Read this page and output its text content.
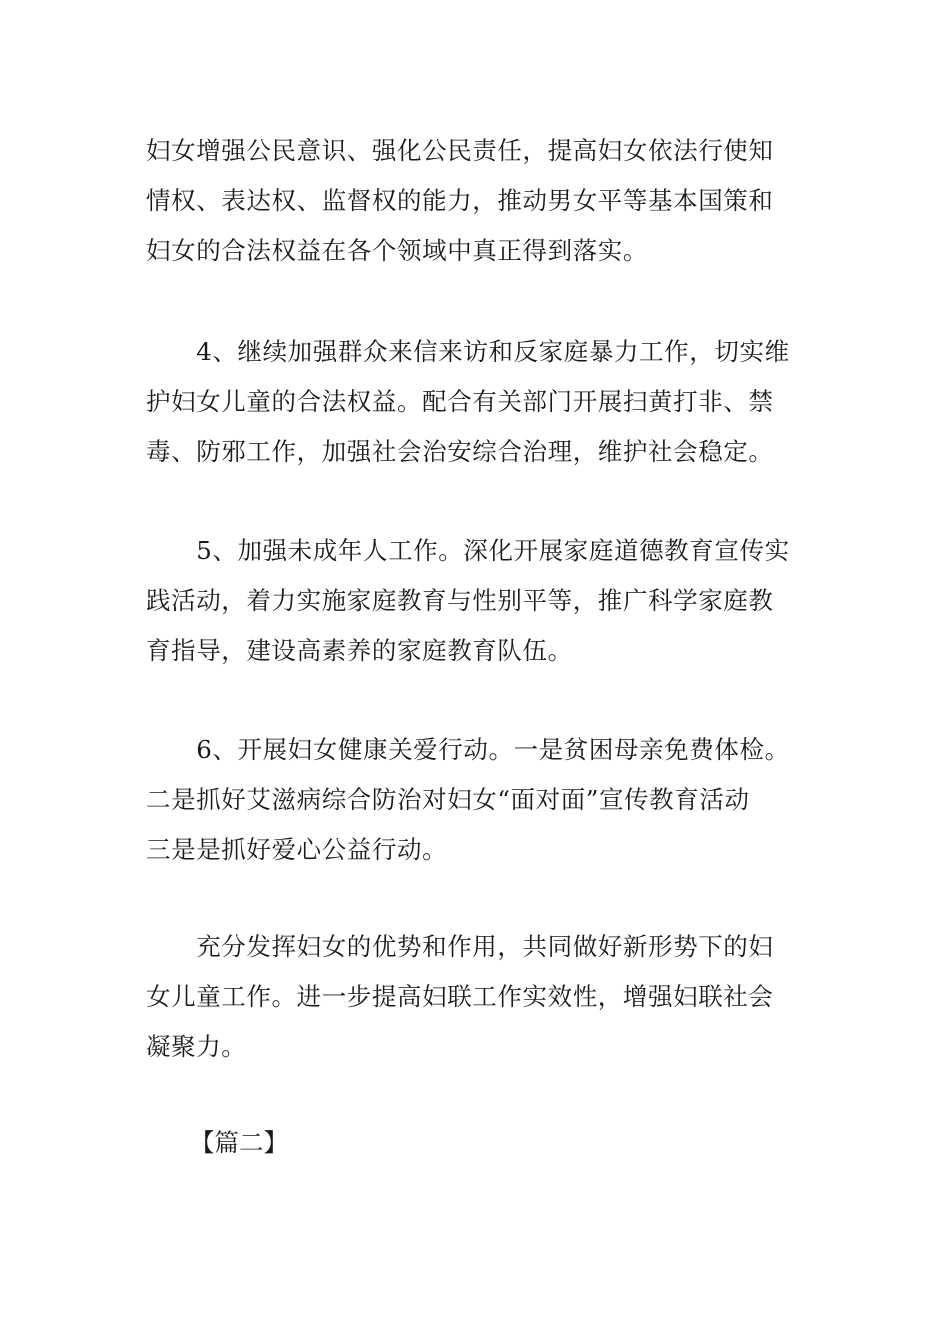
妇女增强公民意识、强化公民责任，提高妇女依法行使知
情权、表达权、监督权的能力，推动男女平等基本国策和
妇女的合法权益在各个领域中真正得到落实。

　　4、继续加强群众来信来访和反家庭暴力工作，切实维
护妇女儿童的合法权益。配合有关部门开展扫黄打非、禁
毒、防邪工作，加强社会治安综合治理，维护社会稳定。

　　5、加强未成年人工作。深化开展家庭道德教育宣传实
践活动，着力实施家庭教育与性别平等，推广科学家庭教
育指导，建设高素养的家庭教育队伍。

　　6、开展妇女健康关爱行动。一是贫困母亲免费体检。
二是抓好艾滋病综合防治对妇女“面对面”宣传教育活动
三是是抓好爱心公益行动。

　　充分发挥妇女的优势和作用，共同做好新形势下的妇
女儿童工作。进一步提高妇联工作实效性，增强妇联社会
凝聚力。

【篇二】
